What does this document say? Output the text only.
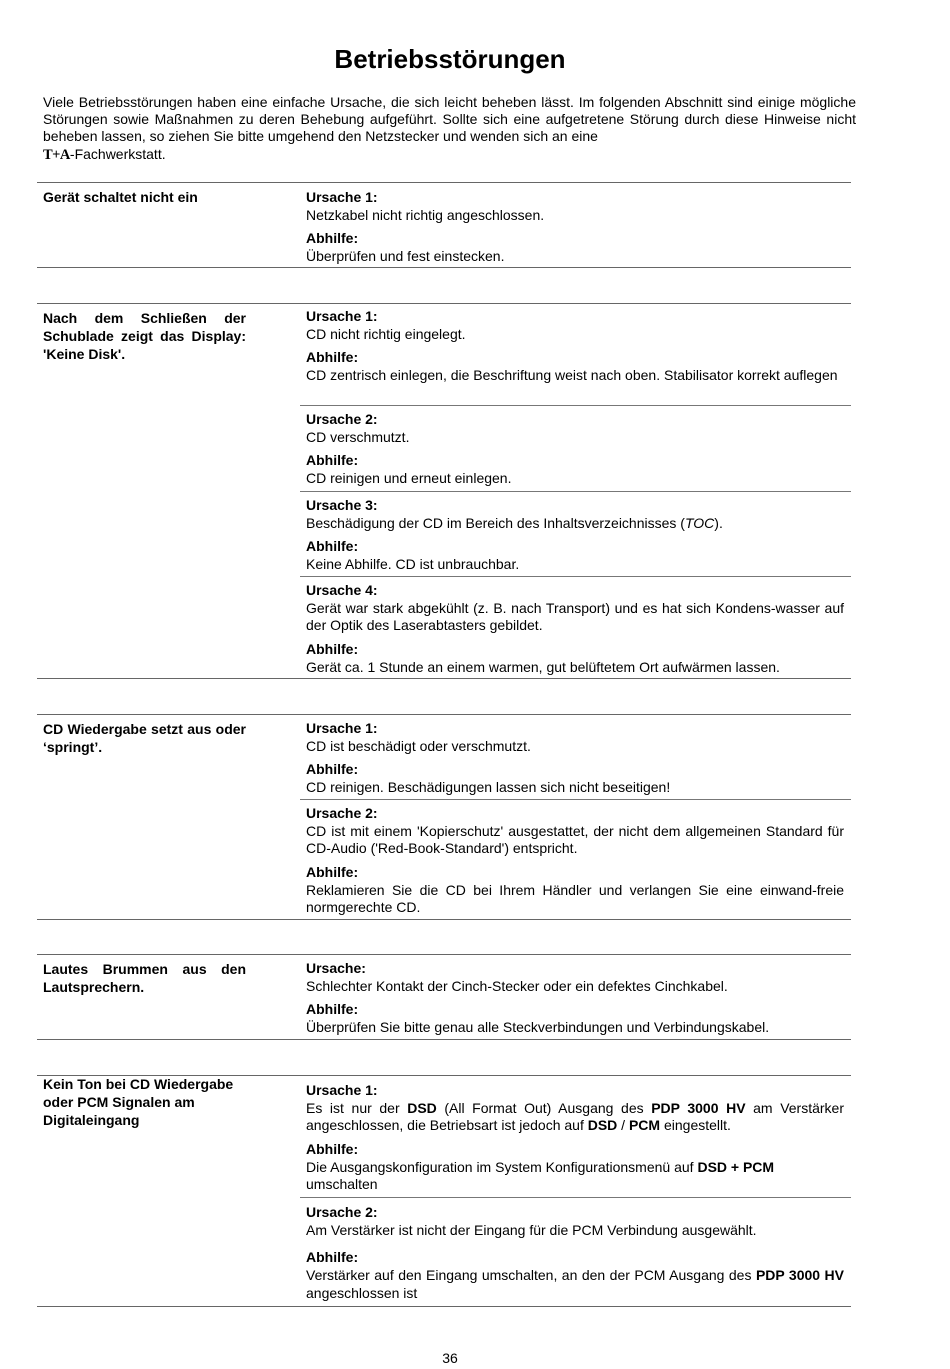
Betriebsstörungen

Viele Betriebsstörungen haben eine einfache Ursache, die sich leicht beheben lässt. Im folgenden Abschnitt sind einige mögliche Störungen sowie Maßnahmen zu deren Behebung aufgeführt. Sollte sich eine aufgetretene Störung durch diese Hinweise nicht beheben lassen, so ziehen Sie bitte umgehend den Netzstecker und wenden sich an eine
T+A-Fachwerkstatt.

Gerät schaltet nicht ein	Ursache 1:
Netzkabel nicht richtig angeschlossen.
Abhilfe:
Überprüfen und fest einstecken.

Nach dem Schließen der Schublade zeigt das Display: 'Keine Disk'.

Ursache 1:
CD nicht richtig eingelegt.
Abhilfe:
CD zentrisch einlegen, die Beschriftung weist nach oben. Stabilisator korrekt auflegen
Ursache 2:
CD verschmutzt.
Abhilfe:
CD reinigen und erneut einlegen.
Ursache 3:
Beschädigung der CD im Bereich des Inhaltsverzeichnisses (TOC).
Abhilfe:
Keine Abhilfe. CD ist unbrauchbar.
Ursache 4:
Gerät war stark abgekühlt (z. B. nach Transport) und es hat sich Kondens-wasser auf der Optik des Laserabtasters gebildet.
Abhilfe:
Gerät ca. 1 Stunde an einem warmen, gut belüftetem Ort aufwärmen lassen.

CD Wiedergabe setzt aus oder ‘springt’.

Ursache 1:
CD ist beschädigt oder verschmutzt.
Abhilfe:
CD reinigen. Beschädigungen lassen sich nicht beseitigen!
Ursache 2:
CD ist mit einem 'Kopierschutz' ausgestattet, der nicht dem allgemeinen Standard für CD-Audio ('Red-Book-Standard') entspricht.
Abhilfe:
Reklamieren Sie die CD bei Ihrem Händler und verlangen Sie eine einwand-freie normgerechte CD.

Lautes Brummen aus den Lautsprechern.

Ursache:
Schlechter Kontakt der Cinch-Stecker oder ein defektes Cinchkabel.
Abhilfe:
Überprüfen Sie bitte genau alle Steckverbindungen und Verbindungskabel.

Kein Ton bei CD Wiedergabe oder PCM Signalen am Digitaleingang

Ursache 1:
Es ist nur der DSD (All Format Out) Ausgang des PDP 3000 HV am Verstärker angeschlossen, die Betriebsart ist jedoch auf DSD / PCM eingestellt.
Abhilfe:
Die Ausgangskonfiguration im System Konfigurationsmenü auf DSD + PCM
umschalten
Ursache 2:
Am Verstärker ist nicht der Eingang für die PCM Verbindung ausgewählt.
Abhilfe:
Verstärker auf den Eingang umschalten, an den der PCM Ausgang des PDP 3000 HV angeschlossen ist
36
